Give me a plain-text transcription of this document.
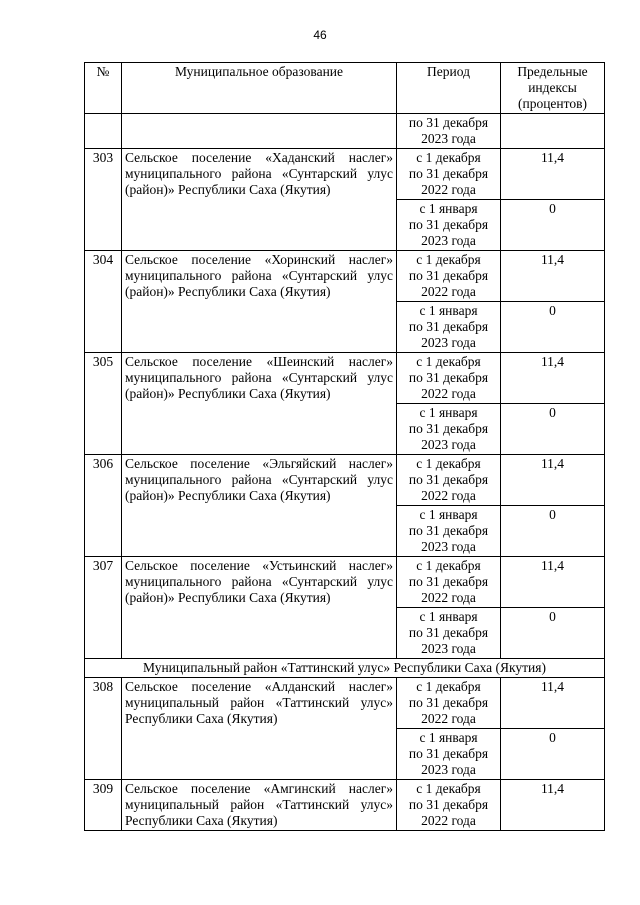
46
№	Муниципальное образование	Период	Предельные индексы (процентов)

		по 31 декабря
2023 года	

303	Сельское поселение «Хаданский наслег» муниципального района «Сунтарский улус (район)» Республики Саха (Якутия)	с 1 декабря
по 31 декабря
2022 года	11,4

		с 1 января
по 31 декабря
2023 года	0
304	Сельское поселение «Хоринский наслег» муниципального района «Сунтарский улус (район)» Республики Саха (Якутия)	с 1 декабря
по 31 декабря
2022 года	11,4

		с 1 января
по 31 декабря
2023 года	0
305	Сельское поселение «Шеинский наслег» муниципального района «Сунтарский улус (район)» Республики Саха (Якутия)	с 1 декабря
по 31 декабря
2022 года	11,4

		с 1 января
по 31 декабря
2023 года	0
306	Сельское поселение «Эльгяйский наслег» муниципального района «Сунтарский улус (район)» Республики Саха (Якутия)	с 1 декабря
по 31 декабря
2022 года	11,4

		с 1 января
по 31 декабря
2023 года	0
307	Сельское поселение «Устьинский наслег» муниципального района «Сунтарский улус (район)» Республики Саха (Якутия)	с 1 декабря
по 31 декабря
2022 года	11,4

		с 1 января
по 31 декабря
2023 года	0
Муниципальный район «Таттинский улус» Республики Саха (Якутия)			
308	Сельское поселение «Алданский наслег» муниципальный район «Таттинский улус» Республики Саха (Якутия)	с 1 декабря
по 31 декабря
2022 года	11,4

		с 1 января
по 31 декабря
2023 года	0
309	Сельское поселение «Амгинский наслег» муниципальный район «Таттинский улус» Республики Саха (Якутия)	с 1 декабря
по 31 декабря
2022 года	11,4
